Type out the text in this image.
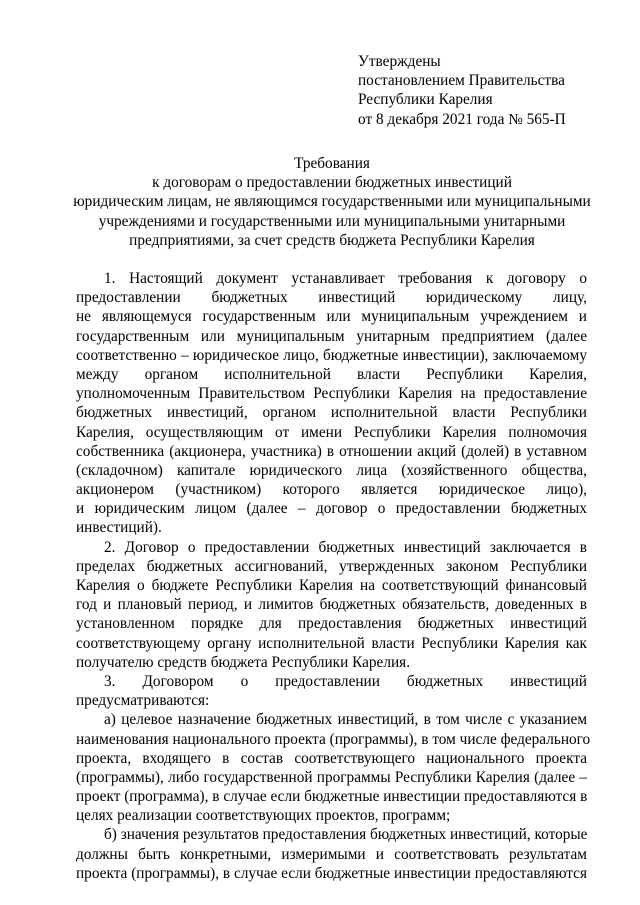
Утверждены
постановлением Правительства
Республики Карелия
от 8 декабря 2021 года № 565-П
Требования
к договорам о предоставлении бюджетных инвестиций
юридическим лицам, не являющимся государственными или муниципальными
учреждениями и государственными или муниципальными унитарными
предприятиями, за счет средств бюджета Республики Карелия
1. Настоящий документ устанавливает требования к договору о
предоставлении бюджетных инвестиций юридическому лицу,
не являющемуся государственным или муниципальным учреждением и
государственным или муниципальным унитарным предприятием (далее
соответственно – юридическое лицо, бюджетные инвестиции), заключаемому
между органом исполнительной власти Республики Карелия,
уполномоченным Правительством Республики Карелия на предоставление
бюджетных инвестиций, органом исполнительной власти Республики
Карелия, осуществляющим от имени Республики Карелия полномочия
собственника (акционера, участника) в отношении акций (долей) в уставном
(складочном) капитале юридического лица (хозяйственного общества,
акционером (участником) которого является юридическое лицо),
и юридическим лицом (далее – договор о предоставлении бюджетных
инвестиций).
2. Договор о предоставлении бюджетных инвестиций заключается в
пределах бюджетных ассигнований, утвержденных законом Республики
Карелия о бюджете Республики Карелия на соответствующий финансовый
год и плановый период, и лимитов бюджетных обязательств, доведенных в
установленном порядке для предоставления бюджетных инвестиций
соответствующему органу исполнительной власти Республики Карелия как
получателю средств бюджета Республики Карелия.
3. Договором о предоставлении бюджетных инвестиций
предусматриваются:
а) целевое назначение бюджетных инвестиций, в том числе с указанием
наименования национального проекта (программы), в том числе федерального
проекта, входящего в состав соответствующего национального проекта
(программы), либо государственной программы Республики Карелия (далее –
проект (программа), в случае если бюджетные инвестиции предоставляются в
целях реализации соответствующих проектов, программ;
б) значения результатов предоставления бюджетных инвестиций, которые
должны быть конкретными, измеримыми и соответствовать результатам
проекта (программы), в случае если бюджетные инвестиции предоставляются
